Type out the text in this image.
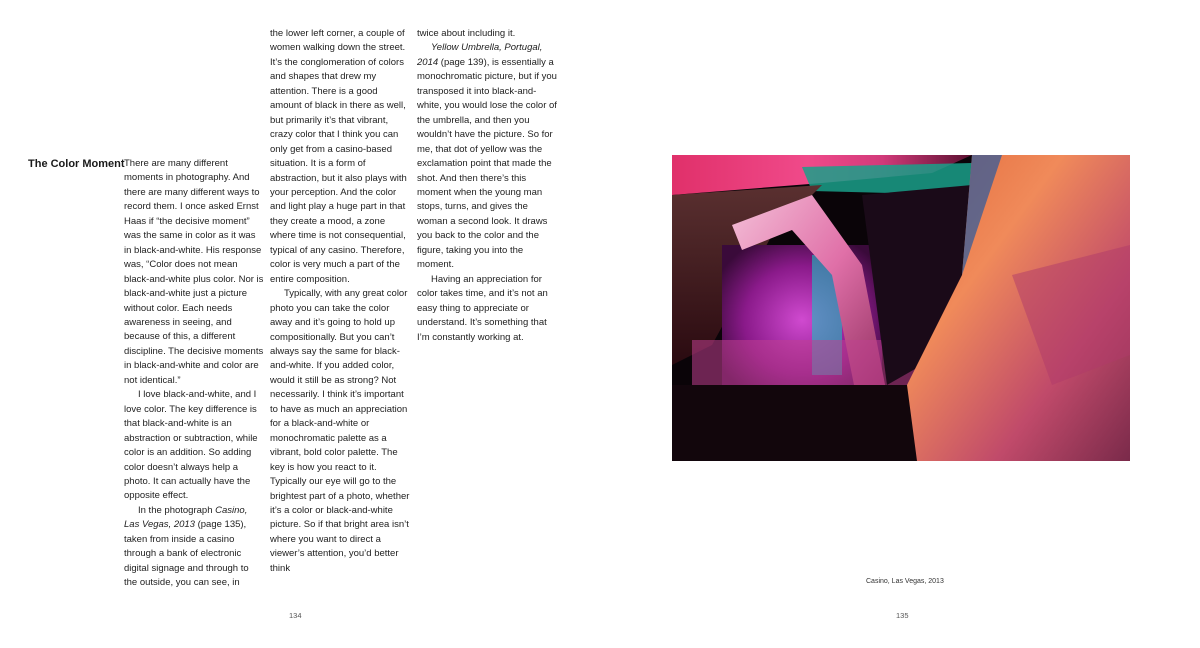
The Color Moment There are many different moments in photography. And there are many different ways to record them. I once asked Ernst Haas if “the decisive moment” was the same in color as it was in black-and-white. His response was, “Color does not mean black-and-white plus color. Nor is black-and-white just a picture without color. Each needs awareness in seeing, and because of this, a different discipline. The decisive moments in black-and-white and color are not identical.”

I love black-and-white, and I love color. The key difference is that black-and-white is an abstraction or subtraction, while color is an addition. So adding color doesn’t always help a photo. It can actually have the opposite effect.

In the photograph Casino, Las Vegas, 2013 (page 135), taken from inside a casino through a bank of electronic digital signage and through to the outside, you can see, in

the lower left corner, a couple of women walking down the street. It’s the conglomeration of colors and shapes that drew my attention. There is a good amount of black in there as well, but primarily it’s that vibrant, crazy color that I think you can only get from a casino-based situation. It is a form of abstraction, but it also plays with your perception. And the color and light play a huge part in that they create a mood, a zone where time is not consequential, typical of any casino. Therefore, color is very much a part of the entire composition.

Typically, with any great color photo you can take the color away and it’s going to hold up compositionally. But you can’t always say the same for black-and-white. If you added color, would it still be as strong? Not necessarily. I think it’s important to have as much an appreciation for a black-and-white or monochromatic palette as a vibrant, bold color palette. The key is how you react to it. Typically our eye will go to the brightest part of a photo, whether it’s a color or black-and-white picture. So if that bright area isn’t where you want to direct a viewer’s attention, you’d better think

twice about including it.

Yellow Umbrella, Portugal, 2014 (page 139), is essentially a monochromatic picture, but if you transposed it into black-and-white, you would lose the color of the umbrella, and then you wouldn’t have the picture. So for me, that dot of yellow was the exclamation point that made the shot. And then there’s this moment when the young man stops, turns, and gives the woman a second look. It draws you back to the color and the figure, taking you into the moment.

Having an appreciation for color takes time, and it’s not an easy thing to appreciate or understand. It’s something that I’m constantly working at.

134
Casino, Las Vegas, 2013
135
